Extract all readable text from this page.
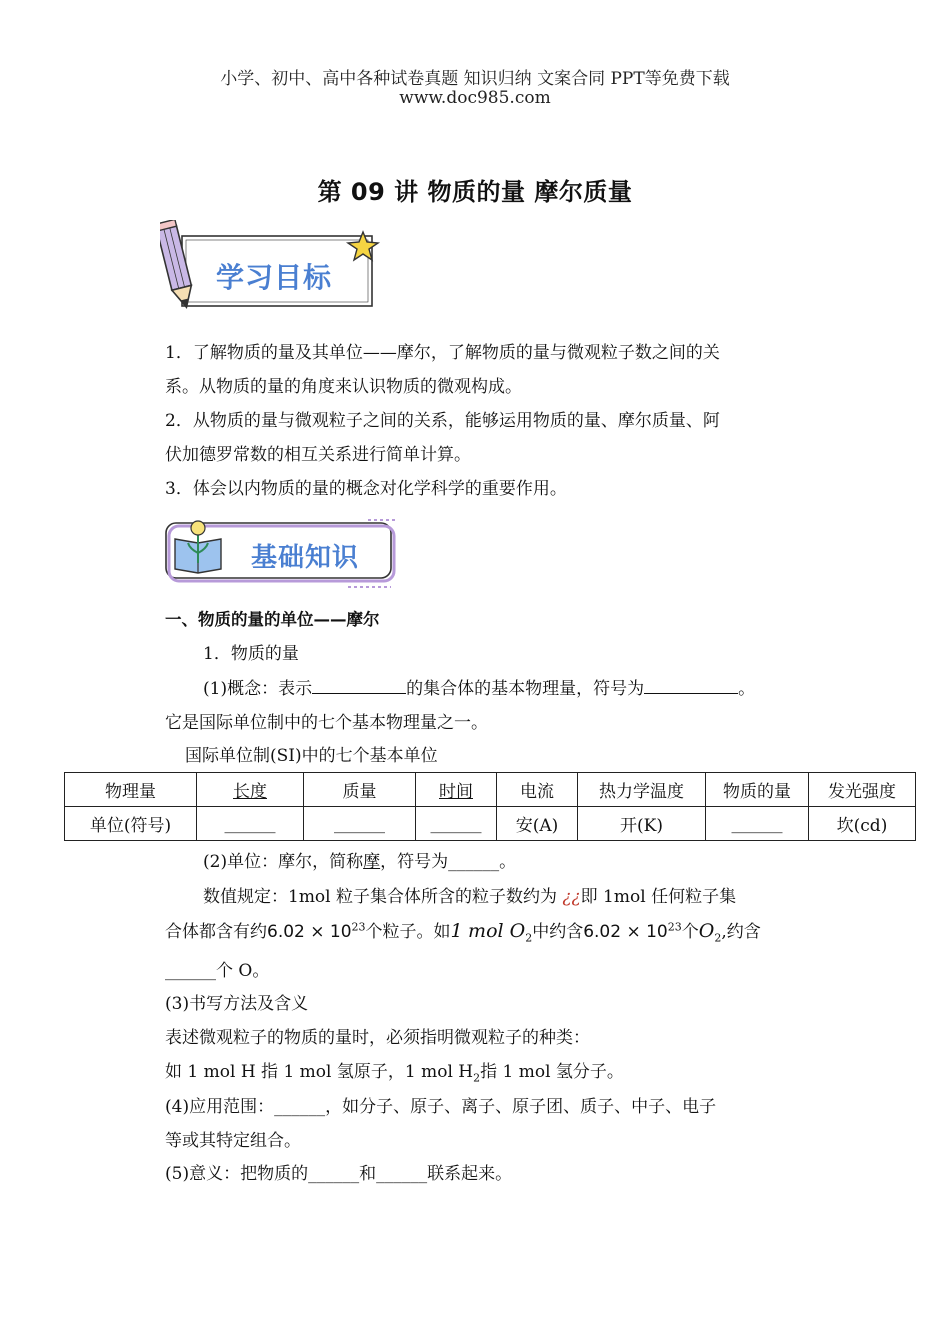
小学、初中、高中各种试卷真题 知识归纳 文案合同 PPT等免费下载
www.doc985.com
第 09 讲 物质的量 摩尔质量
学习目标
1．了解物质的量及其单位——摩尔，了解物质的量与微观粒子数之间的关
系。从物质的量的角度来认识物质的微观构成。
2．从物质的量与微观粒子之间的关系，能够运用物质的量、摩尔质量、阿
伏加德罗常数的相互关系进行简单计算。
3．体会以内物质的量的概念对化学科学的重要作用。
基础知识
一、物质的量的单位——摩尔
1．物质的量
(1)概念：表示	的集合体的基本物理量，符号为	。
它是国际单位制中的七个基本物理量之一。
国际单位制(SI)中的七个基本单位
物理量	长度	质量	时间	电流	热力学温度	物质的量	发光强度
单位(符号)	______	______	______	安(A)	开(K)	______	坎(cd)
(2)单位：摩尔，简称摩，符号为______。
数值规定：1mol 粒子集合体所含的粒子数约为 ¿¿即 1mol 任何粒子集
合体都含有约$6.02 \times 10^{23}$个粒子。如1 mol $O_2$中约含$6.02 \times 10^{23}$个$O_2$,约含
______个 O。
(3)书写方法及含义
表述微观粒子的物质的量时，必须指明微观粒子的种类：
如 1 mol H 指 1 mol 氢原子，1 mol $H_2$指 1 mol 氢分子。
(4)应用范围：______，如分子、原子、离子、原子团、质子、中子、电子
等或其特定组合。
(5)意义：把物质的______和______联系起来。
